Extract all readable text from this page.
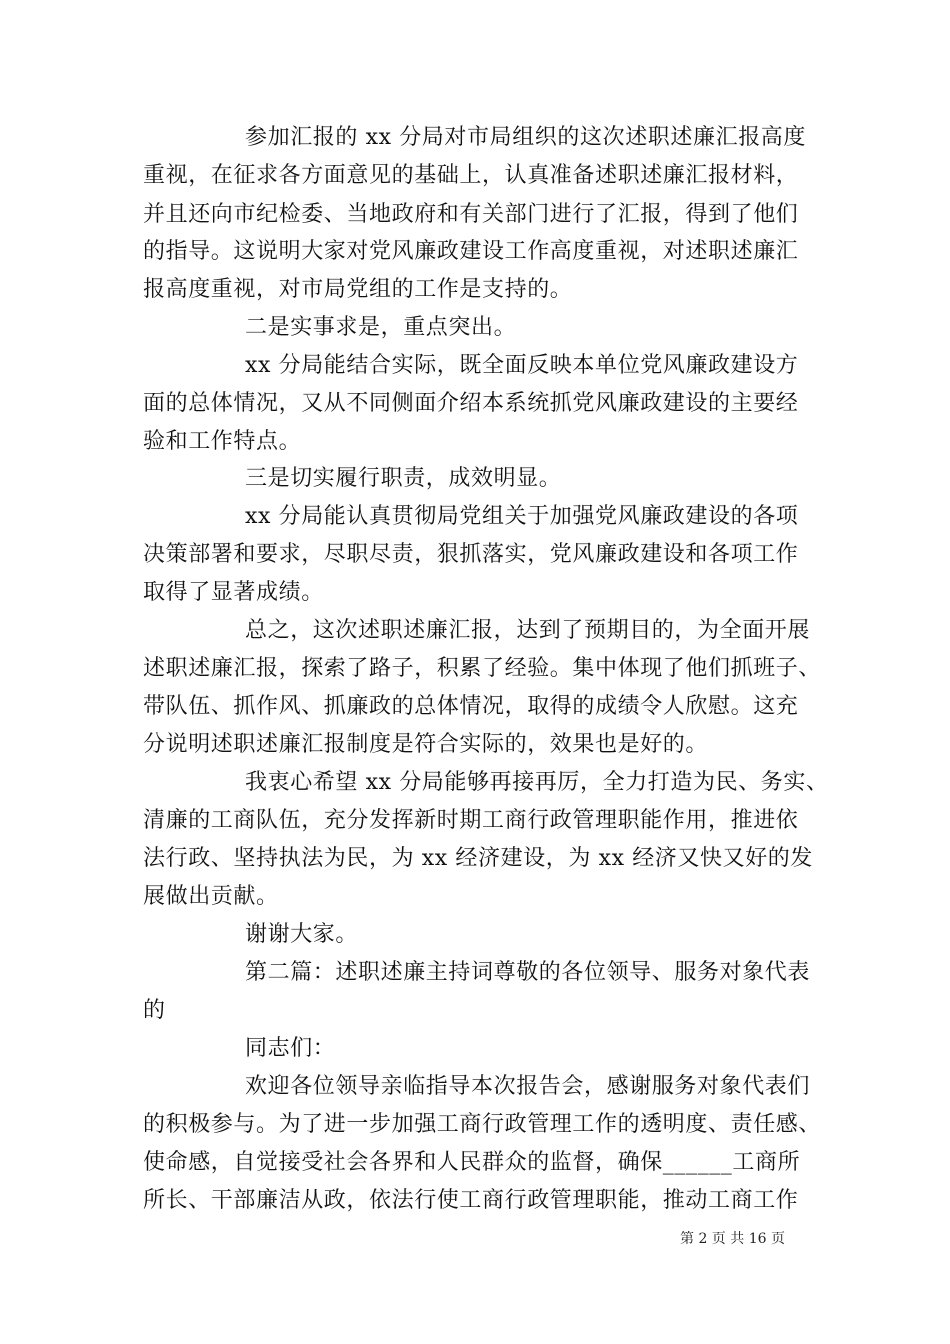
参加汇报的 xx 分局对市局组织的这次述职述廉汇报高度
重视，在征求各方面意见的基础上，认真准备述职述廉汇报材料，
并且还向市纪检委、当地政府和有关部门进行了汇报，得到了他们
的指导。这说明大家对党风廉政建设工作高度重视，对述职述廉汇
报高度重视，对市局党组的工作是支持的。
二是实事求是，重点突出。
xx 分局能结合实际，既全面反映本单位党风廉政建设方
面的总体情况，又从不同侧面介绍本系统抓党风廉政建设的主要经
验和工作特点。
三是切实履行职责，成效明显。
xx 分局能认真贯彻局党组关于加强党风廉政建设的各项
决策部署和要求，尽职尽责，狠抓落实，党风廉政建设和各项工作
取得了显著成绩。
总之，这次述职述廉汇报，达到了预期目的，为全面开展
述职述廉汇报，探索了路子，积累了经验。集中体现了他们抓班子、
带队伍、抓作风、抓廉政的总体情况，取得的成绩令人欣慰。这充
分说明述职述廉汇报制度是符合实际的，效果也是好的。
我衷心希望 xx 分局能够再接再厉，全力打造为民、务实、
清廉的工商队伍，充分发挥新时期工商行政管理职能作用，推进依
法行政、坚持执法为民，为 xx 经济建设，为 xx 经济又快又好的发
展做出贡献。
谢谢大家。
第二篇：述职述廉主持词尊敬的各位领导、服务对象代表
的
同志们：
欢迎各位领导亲临指导本次报告会，感谢服务对象代表们
的积极参与。为了进一步加强工商行政管理工作的透明度、责任感、
使命感，自觉接受社会各界和人民群众的监督，确保______工商所
所长、干部廉洁从政，依法行使工商行政管理职能，推动工商工作
第 2 页 共 16 页
